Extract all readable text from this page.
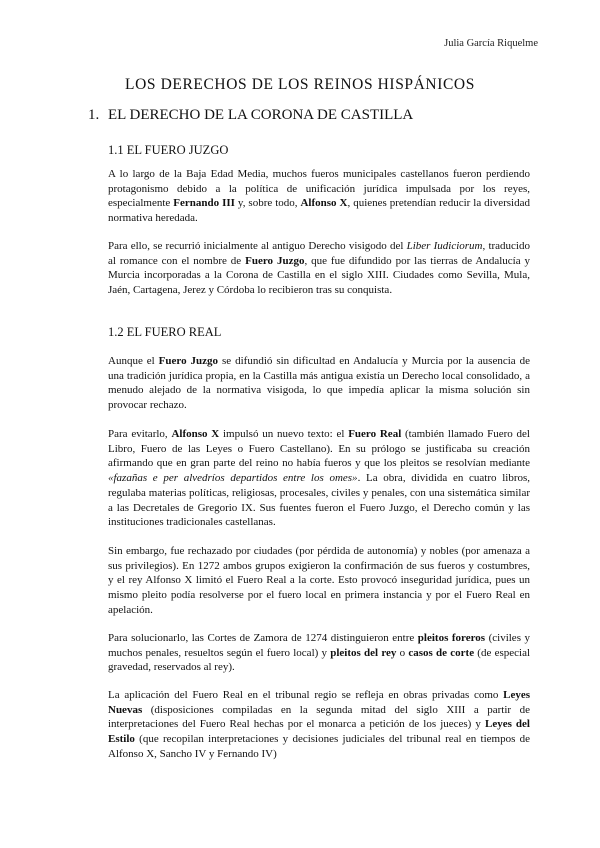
Julia García Riquelme
LOS DERECHOS DE LOS REINOS HISPÁNICOS
1. EL DERECHO DE LA CORONA DE CASTILLA
1.1 EL FUERO JUZGO

A lo largo de la Baja Edad Media, muchos fueros municipales castellanos fueron perdiendo protagonismo debido a la política de unificación jurídica impulsada por los reyes, especialmente Fernando III y, sobre todo, Alfonso X, quienes pretendían reducir la diversidad normativa heredada.

Para ello, se recurrió inicialmente al antiguo Derecho visigodo del Liber Iudiciorum, traducido al romance con el nombre de Fuero Juzgo, que fue difundido por las tierras de Andalucía y Murcia incorporadas a la Corona de Castilla en el siglo XIII. Ciudades como Sevilla, Mula, Jaén, Cartagena, Jerez y Córdoba lo recibieron tras su conquista.

1.2 EL FUERO REAL

Aunque el Fuero Juzgo se difundió sin dificultad en Andalucía y Murcia por la ausencia de una tradición jurídica propia, en la Castilla más antigua existía un Derecho local consolidado, a menudo alejado de la normativa visigoda, lo que impedía aplicar la misma solución sin provocar rechazo.

Para evitarlo, Alfonso X impulsó un nuevo texto: el Fuero Real (también llamado Fuero del Libro, Fuero de las Leyes o Fuero Castellano). En su prólogo se justificaba su creación afirmando que en gran parte del reino no había fueros y que los pleitos se resolvían mediante «fazañas e per alvedríos departidos entre los omes». La obra, dividida en cuatro libros, regulaba materias políticas, religiosas, procesales, civiles y penales, con una sistemática similar a las Decretales de Gregorio IX. Sus fuentes fueron el Fuero Juzgo, el Derecho común y las instituciones tradicionales castellanas.

Sin embargo, fue rechazado por ciudades (por pérdida de autonomía) y nobles (por amenaza a sus privilegios). En 1272 ambos grupos exigieron la confirmación de sus fueros y costumbres, y el rey Alfonso X limitó el Fuero Real a la corte. Esto provocó inseguridad jurídica, pues un mismo pleito podía resolverse por el fuero local en primera instancia y por el Fuero Real en apelación.

Para solucionarlo, las Cortes de Zamora de 1274 distinguieron entre pleitos foreros (civiles y muchos penales, resueltos según el fuero local) y pleitos del rey o casos de corte (de especial gravedad, reservados al rey).

La aplicación del Fuero Real en el tribunal regio se refleja en obras privadas como Leyes Nuevas (disposiciones compiladas en la segunda mitad del siglo XIII a partir de interpretaciones del Fuero Real hechas por el monarca a petición de los jueces) y Leyes del Estilo (que recopilan interpretaciones y decisiones judiciales del tribunal real en tiempos de Alfonso X, Sancho IV y Fernando IV)
